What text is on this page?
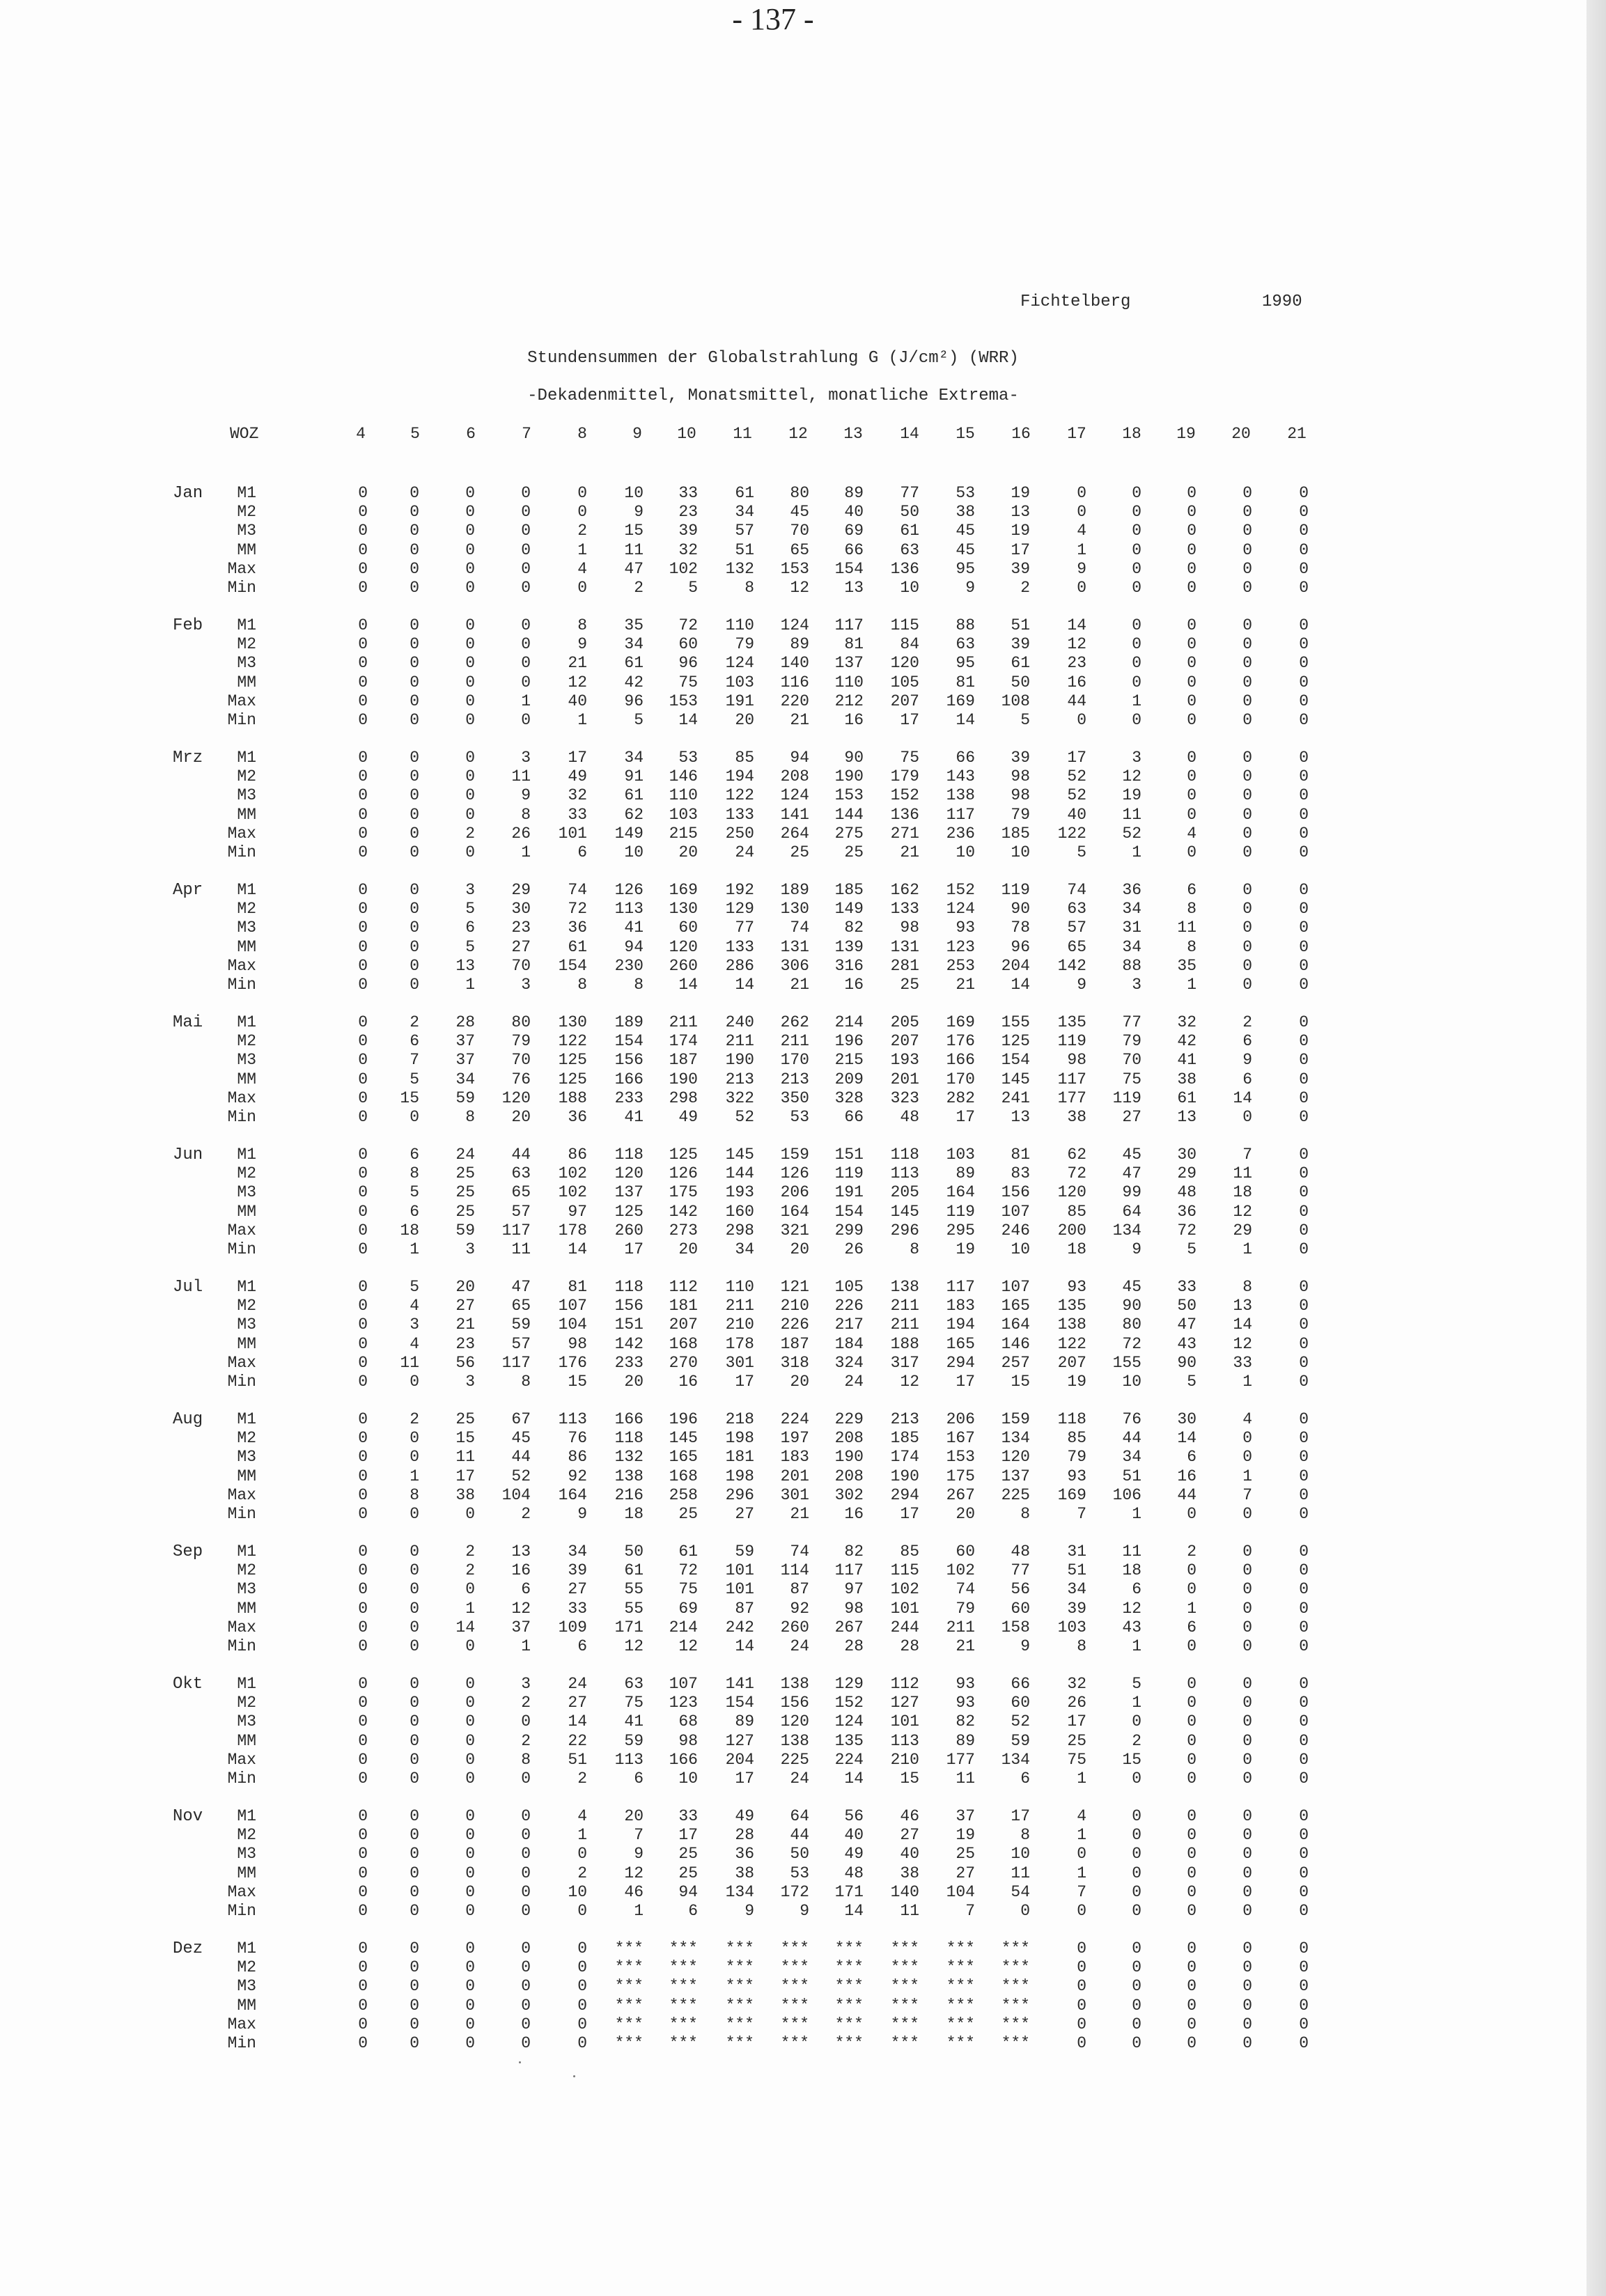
- 137 -
Fichtelberg	1990
Stundensummen der Globalstrahlung G (J/cm²) (WRR)
-Dekadenmittel, Monatsmittel, monatliche Extrema-
WOZ	4	5	6	7	8	9	10	11	12	13	14	15	16	17	18	19	20	21
Jan	M1	0	0	0	0	0	10	33	61	80	89	77	53	19	0	0	0	0	0
M2	0	0	0	0	0	9	23	34	45	40	50	38	13	0	0	0	0	0
M3	0	0	0	0	2	15	39	57	70	69	61	45	19	4	0	0	0	0
MM	0	0	0	0	1	11	32	51	65	66	63	45	17	1	0	0	0	0
Max	0	0	0	0	4	47	102	132	153	154	136	95	39	9	0	0	0	0
Min	0	0	0	0	0	2	5	8	12	13	10	9	2	0	0	0	0	0
Feb	M1	0	0	0	0	8	35	72	110	124	117	115	88	51	14	0	0	0	0
M2	0	0	0	0	9	34	60	79	89	81	84	63	39	12	0	0	0	0
M3	0	0	0	0	21	61	96	124	140	137	120	95	61	23	0	0	0	0
MM	0	0	0	0	12	42	75	103	116	110	105	81	50	16	0	0	0	0
Max	0	0	0	1	40	96	153	191	220	212	207	169	108	44	1	0	0	0
Min	0	0	0	0	1	5	14	20	21	16	17	14	5	0	0	0	0	0
Mrz	M1	0	0	0	3	17	34	53	85	94	90	75	66	39	17	3	0	0	0
M2	0	0	0	11	49	91	146	194	208	190	179	143	98	52	12	0	0	0
M3	0	0	0	9	32	61	110	122	124	153	152	138	98	52	19	0	0	0
MM	0	0	0	8	33	62	103	133	141	144	136	117	79	40	11	0	0	0
Max	0	0	2	26	101	149	215	250	264	275	271	236	185	122	52	4	0	0
Min	0	0	0	1	6	10	20	24	25	25	21	10	10	5	1	0	0	0
Apr	M1	0	0	3	29	74	126	169	192	189	185	162	152	119	74	36	6	0	0
M2	0	0	5	30	72	113	130	129	130	149	133	124	90	63	34	8	0	0
M3	0	0	6	23	36	41	60	77	74	82	98	93	78	57	31	11	0	0
MM	0	0	5	27	61	94	120	133	131	139	131	123	96	65	34	8	0	0
Max	0	0	13	70	154	230	260	286	306	316	281	253	204	142	88	35	0	0
Min	0	0	1	3	8	8	14	14	21	16	25	21	14	9	3	1	0	0
Mai	M1	0	2	28	80	130	189	211	240	262	214	205	169	155	135	77	32	2	0
M2	0	6	37	79	122	154	174	211	211	196	207	176	125	119	79	42	6	0
M3	0	7	37	70	125	156	187	190	170	215	193	166	154	98	70	41	9	0
MM	0	5	34	76	125	166	190	213	213	209	201	170	145	117	75	38	6	0
Max	0	15	59	120	188	233	298	322	350	328	323	282	241	177	119	61	14	0
Min	0	0	8	20	36	41	49	52	53	66	48	17	13	38	27	13	0	0
Jun	M1	0	6	24	44	86	118	125	145	159	151	118	103	81	62	45	30	7	0
M2	0	8	25	63	102	120	126	144	126	119	113	89	83	72	47	29	11	0
M3	0	5	25	65	102	137	175	193	206	191	205	164	156	120	99	48	18	0
MM	0	6	25	57	97	125	142	160	164	154	145	119	107	85	64	36	12	0
Max	0	18	59	117	178	260	273	298	321	299	296	295	246	200	134	72	29	0
Min	0	1	3	11	14	17	20	34	20	26	8	19	10	18	9	5	1	0
Jul	M1	0	5	20	47	81	118	112	110	121	105	138	117	107	93	45	33	8	0
M2	0	4	27	65	107	156	181	211	210	226	211	183	165	135	90	50	13	0
M3	0	3	21	59	104	151	207	210	226	217	211	194	164	138	80	47	14	0
MM	0	4	23	57	98	142	168	178	187	184	188	165	146	122	72	43	12	0
Max	0	11	56	117	176	233	270	301	318	324	317	294	257	207	155	90	33	0
Min	0	0	3	8	15	20	16	17	20	24	12	17	15	19	10	5	1	0
Aug	M1	0	2	25	67	113	166	196	218	224	229	213	206	159	118	76	30	4	0
M2	0	0	15	45	76	118	145	198	197	208	185	167	134	85	44	14	0	0
M3	0	0	11	44	86	132	165	181	183	190	174	153	120	79	34	6	0	0
MM	0	1	17	52	92	138	168	198	201	208	190	175	137	93	51	16	1	0
Max	0	8	38	104	164	216	258	296	301	302	294	267	225	169	106	44	7	0
Min	0	0	0	2	9	18	25	27	21	16	17	20	8	7	1	0	0	0
Sep	M1	0	0	2	13	34	50	61	59	74	82	85	60	48	31	11	2	0	0
M2	0	0	2	16	39	61	72	101	114	117	115	102	77	51	18	0	0	0
M3	0	0	0	6	27	55	75	101	87	97	102	74	56	34	6	0	0	0
MM	0	0	1	12	33	55	69	87	92	98	101	79	60	39	12	1	0	0
Max	0	0	14	37	109	171	214	242	260	267	244	211	158	103	43	6	0	0
Min	0	0	0	1	6	12	12	14	24	28	28	21	9	8	1	0	0	0
Okt	M1	0	0	0	3	24	63	107	141	138	129	112	93	66	32	5	0	0	0
M2	0	0	0	2	27	75	123	154	156	152	127	93	60	26	1	0	0	0
M3	0	0	0	0	14	41	68	89	120	124	101	82	52	17	0	0	0	0
MM	0	0	0	2	22	59	98	127	138	135	113	89	59	25	2	0	0	0
Max	0	0	0	8	51	113	166	204	225	224	210	177	134	75	15	0	0	0
Min	0	0	0	0	2	6	10	17	24	14	15	11	6	1	0	0	0	0
Nov	M1	0	0	0	0	4	20	33	49	64	56	46	37	17	4	0	0	0	0
M2	0	0	0	0	1	7	17	28	44	40	27	19	8	1	0	0	0	0
M3	0	0	0	0	0	9	25	36	50	49	40	25	10	0	0	0	0	0
MM	0	0	0	0	2	12	25	38	53	48	38	27	11	1	0	0	0	0
Max	0	0	0	0	10	46	94	134	172	171	140	104	54	7	0	0	0	0
Min	0	0	0	0	0	1	6	9	9	14	11	7	0	0	0	0	0	0
Dez	M1	0	0	0	0	0	***	***	***	***	***	***	***	***	0	0	0	0	0
M2	0	0	0	0	0	***	***	***	***	***	***	***	***	0	0	0	0	0
M3	0	0	0	0	0	***	***	***	***	***	***	***	***	0	0	0	0	0
MM	0	0	0	0	0	***	***	***	***	***	***	***	***	0	0	0	0	0
Max	0	0	0	0	0	***	***	***	***	***	***	***	***	0	0	0	0	0
Min	0	0	0	0	0	***	***	***	***	***	***	***	***	0	0	0	0	0
